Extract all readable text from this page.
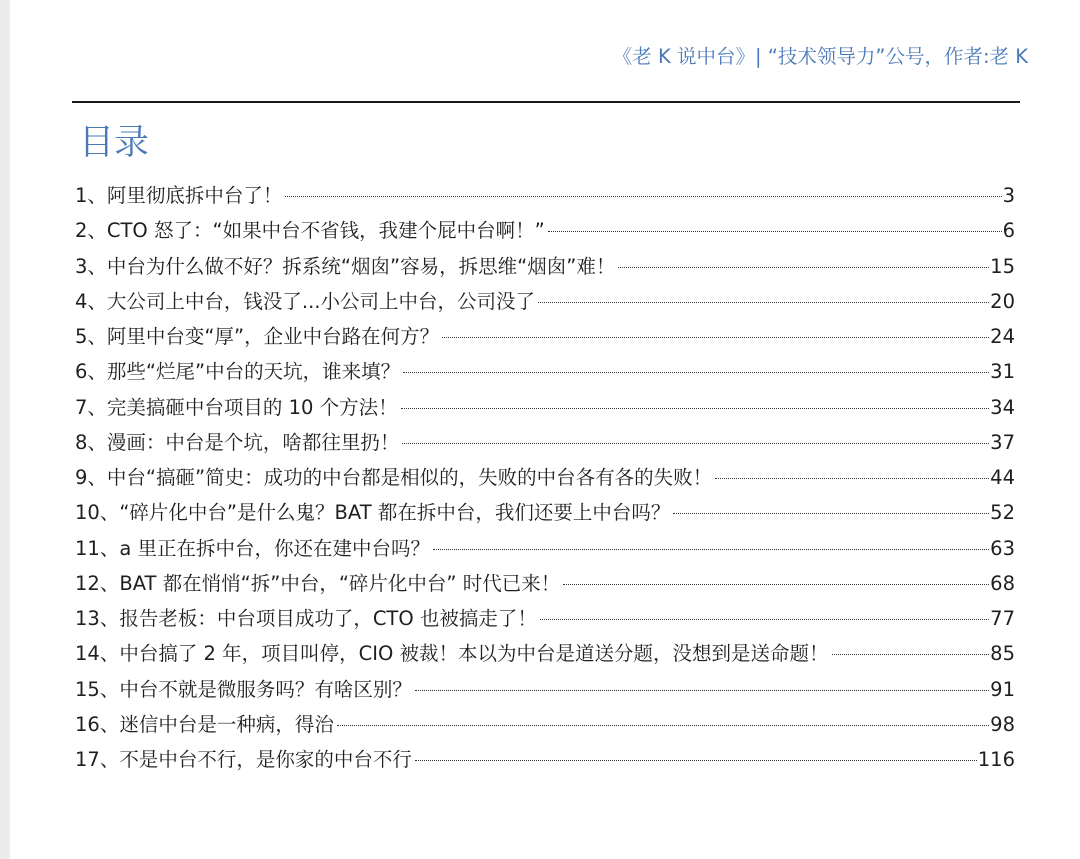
《老 K 说中台》| “技术领导力”公号，作者:老 K
目录
1、阿里彻底拆中台了！	3
2、CTO 怒了：“如果中台不省钱，我建个屁中台啊！”	6
3、中台为什么做不好？拆系统“烟囱”容易，拆思维“烟囱”难！	15
4、大公司上中台，钱没了...小公司上中台，公司没了	20
5、阿里中台变“厚”，企业中台路在何方？	24
6、那些“烂尾”中台的天坑，谁来填？	31
7、完美搞砸中台项目的 10 个方法！	34
8、漫画：中台是个坑，啥都往里扔！	37
9、中台“搞砸”简史：成功的中台都是相似的，失败的中台各有各的失败！	44
10、“碎片化中台”是什么鬼？BAT 都在拆中台，我们还要上中台吗？	52
11、a 里正在拆中台，你还在建中台吗？	63
12、BAT 都在悄悄“拆”中台，“碎片化中台” 时代已来！	68
13、报告老板：中台项目成功了，CTO 也被搞走了！	77
14、中台搞了 2 年，项目叫停，CIO 被裁！本以为中台是道送分题，没想到是送命题！	85
15、中台不就是微服务吗？有啥区别？	91
16、迷信中台是一种病，得治	98
17、不是中台不行，是你家的中台不行	116
